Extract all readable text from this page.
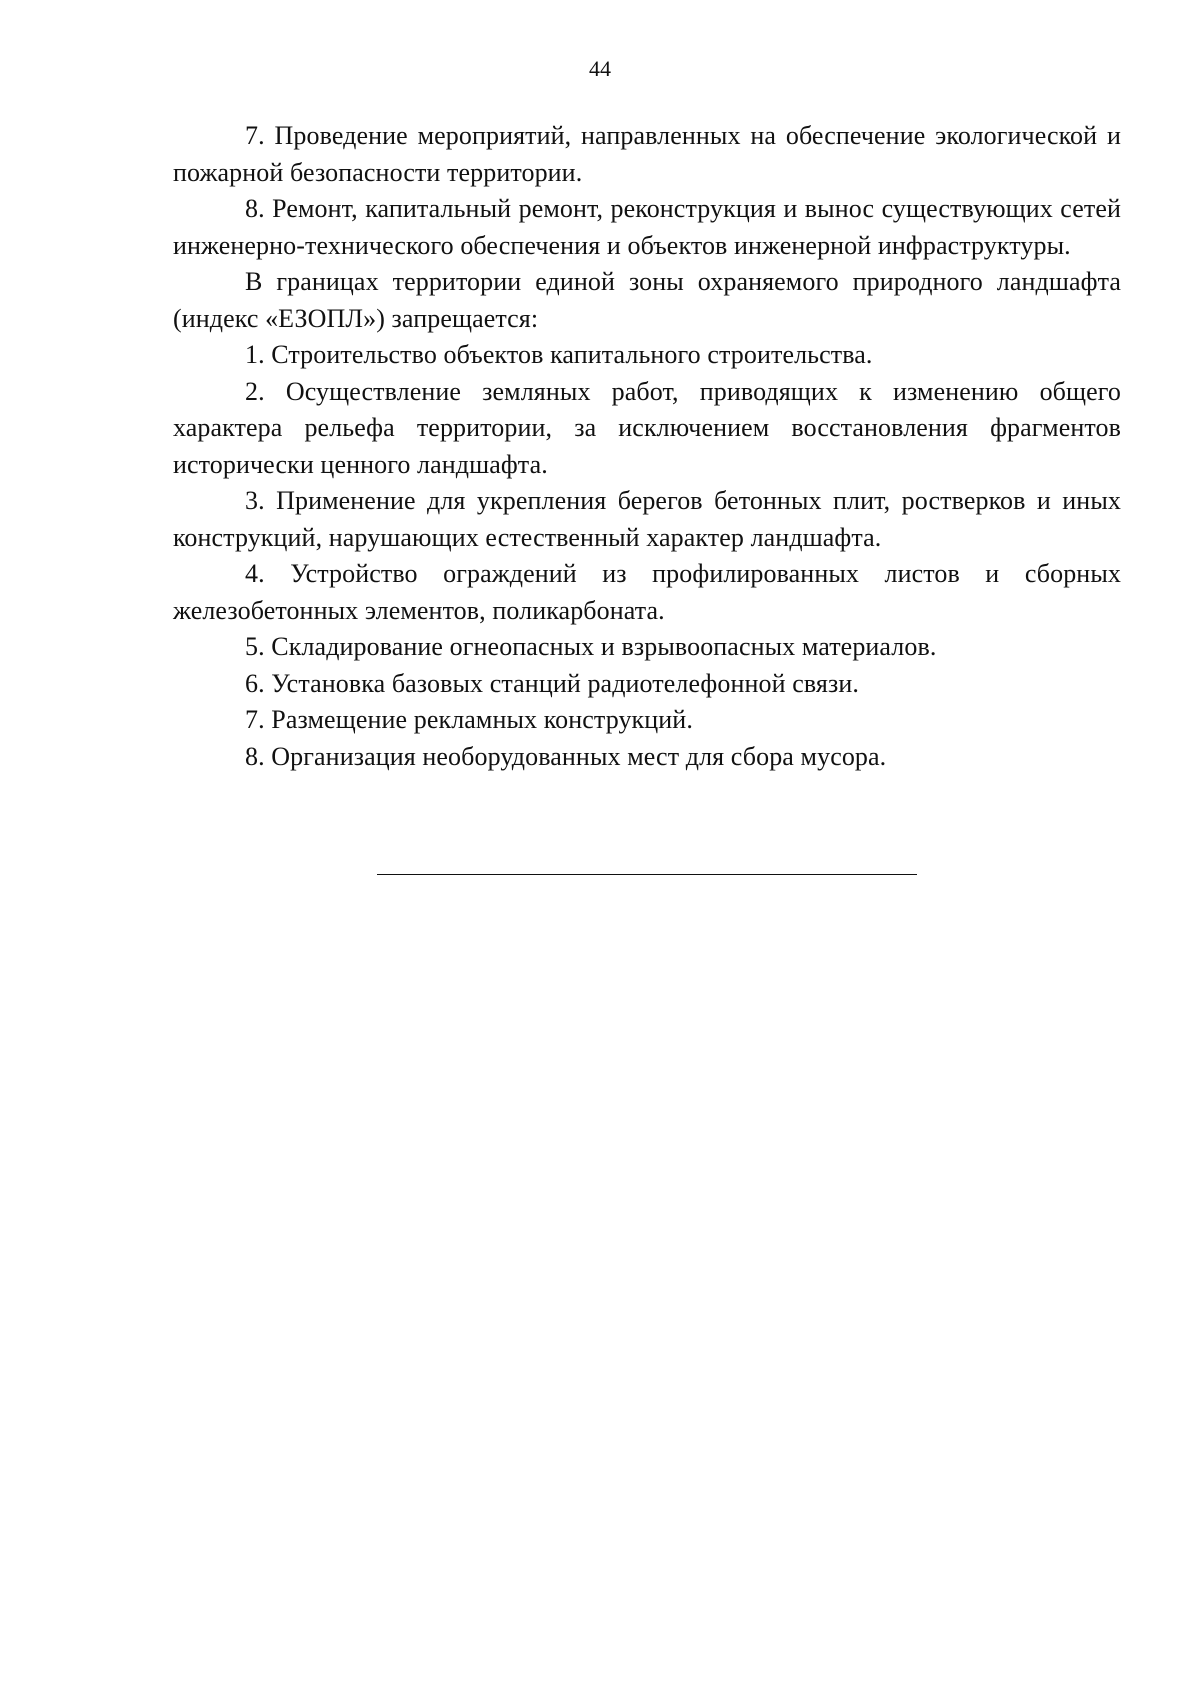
44

7. Проведение мероприятий, направленных на обеспечение экологической и пожарной безопасности территории.

8. Ремонт, капитальный ремонт, реконструкция и вынос существующих сетей инженерно-технического обеспечения и объектов инженерной инфраструктуры.

В границах территории единой зоны охраняемого природного ландшафта (индекс «ЕЗОПЛ») запрещается:

1. Строительство объектов капитального строительства.

2. Осуществление земляных работ, приводящих к изменению общего характера рельефа территории, за исключением восстановления фрагментов исторически ценного ландшафта.

3. Применение для укрепления берегов бетонных плит, ростверков и иных конструкций, нарушающих естественный характер ландшафта.

4. Устройство ограждений из профилированных листов и сборных железобетонных элементов, поликарбоната.

5. Складирование огнеопасных и взрывоопасных материалов.

6. Установка базовых станций радиотелефонной связи.

7. Размещение рекламных конструкций.

8. Организация необорудованных мест для сбора мусора.
